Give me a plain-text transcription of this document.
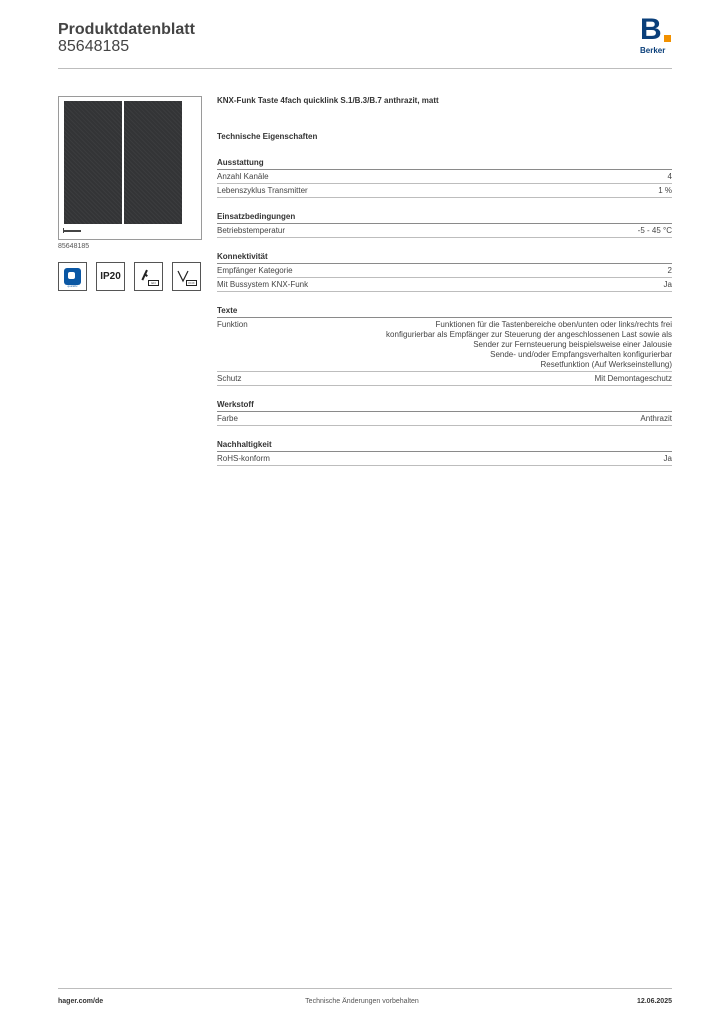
Produktdatenblatt
85648185
B
Berker
85648185
quickfix
IP20
EN	KNX
KNX-Funk Taste 4fach quicklink S.1/B.3/B.7 anthrazit, matt
Technische Eigenschaften
Ausstattung
Anzahl Kanäle	4
Lebenszyklus Transmitter	1 %
Einsatzbedingungen
Betriebstemperatur	-5 - 45 °C
Konnektivität
Empfänger Kategorie	2
Mit Bussystem KNX-Funk	Ja
Texte
Funktion	Funktionen für die Tastenbereiche oben/unten oder links/rechts frei
konfigurierbar als Empfänger zur Steuerung der angeschlossenen Last sowie als
Sender zur Fernsteuerung beispielsweise einer Jalousie
Sende- und/oder Empfangsverhalten konfigurierbar
Resetfunktion (Auf Werkseinstellung)
Schutz	Mit Demontageschutz
Werkstoff
Farbe	Anthrazit
Nachhaltigkeit
RoHS-konform	Ja
hager.com/de	Technische Änderungen vorbehalten	12.06.2025
